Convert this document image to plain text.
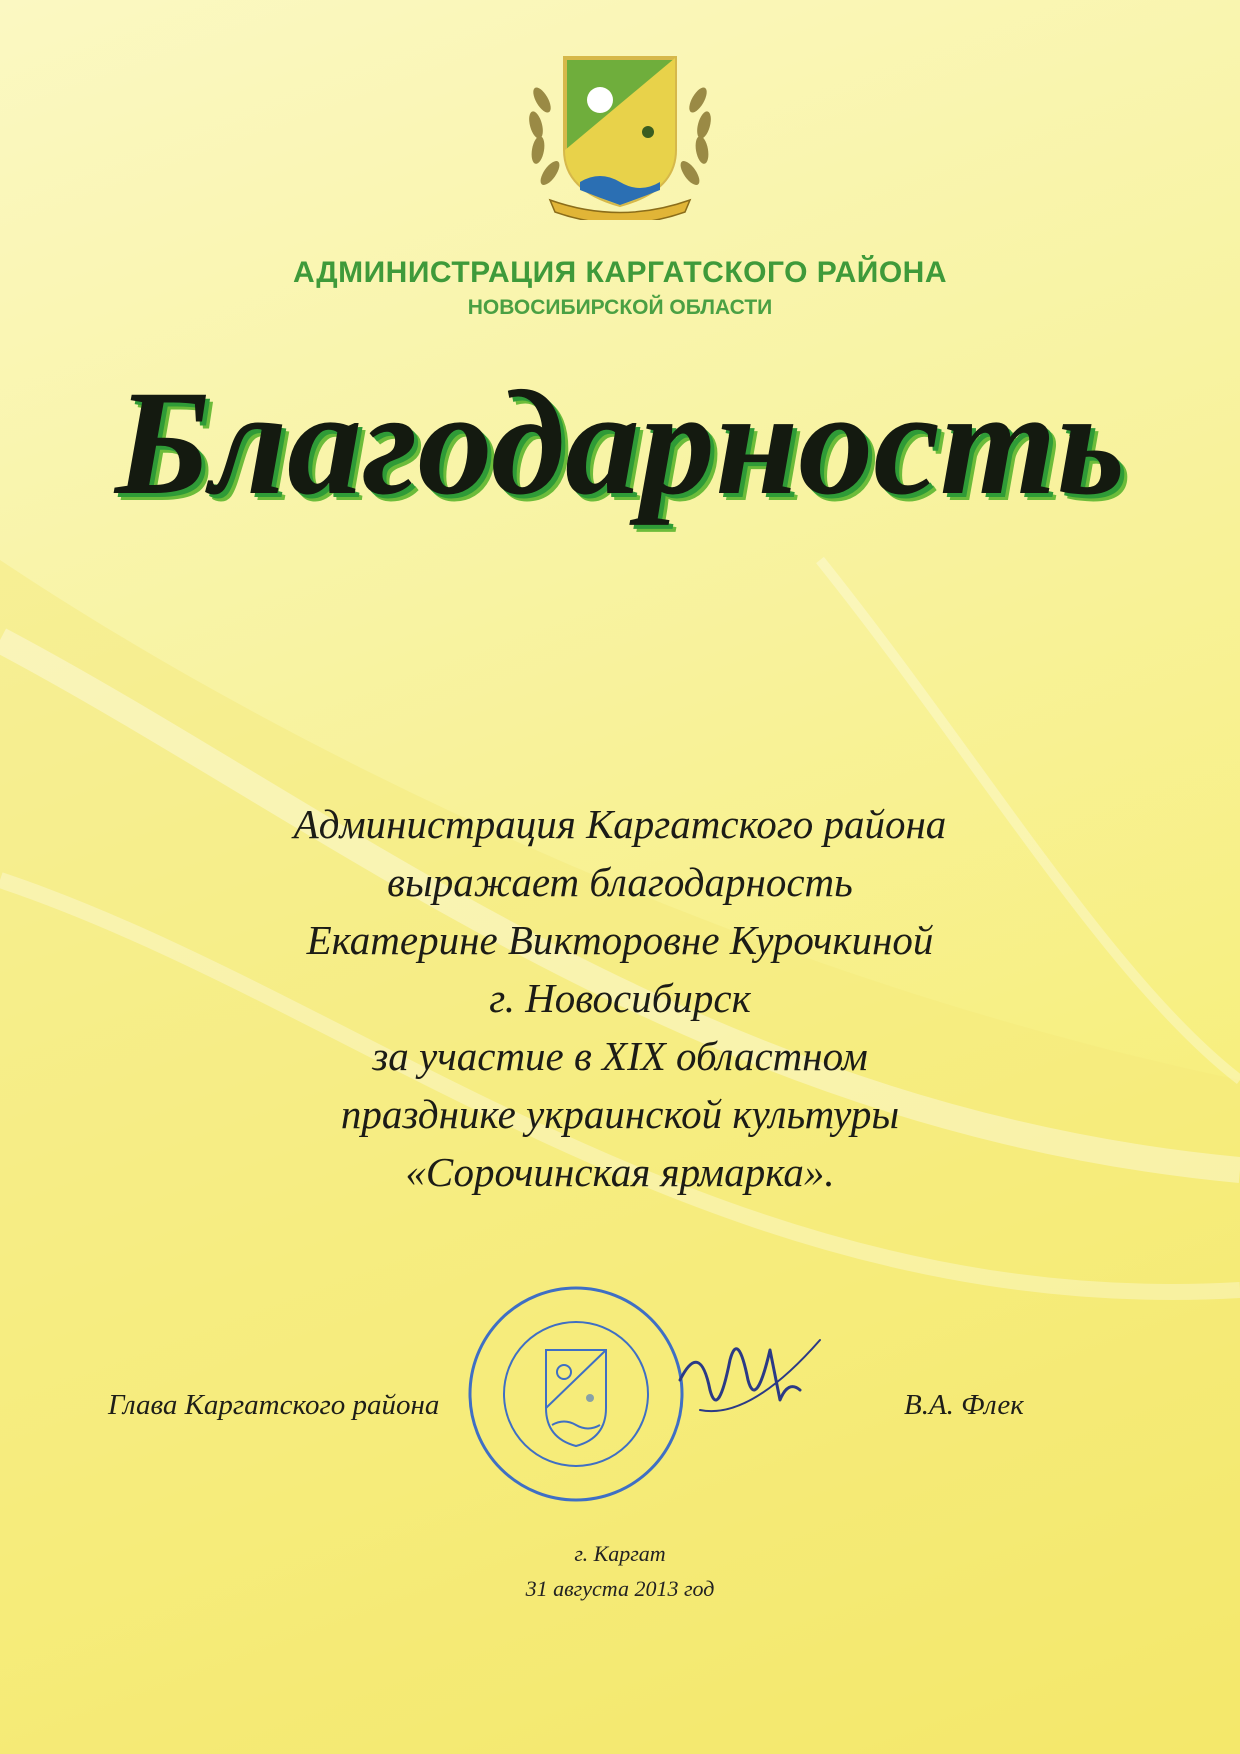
АДМИНИСТРАЦИЯ КАРГАТСКОГО РАЙОНА
НОВОСИБИРСКОЙ ОБЛАСТИ
Благодарность
Администрация Каргатского района
выражает благодарность
Екатерине Викторовне Курочкиной
г. Новосибирск
за участие в XIX областном
празднике украинской культуры
«Сорочинская ярмарка».
Глава Каргатского района	В.А. Флек
г. Каргат
31 августа 2013 год
